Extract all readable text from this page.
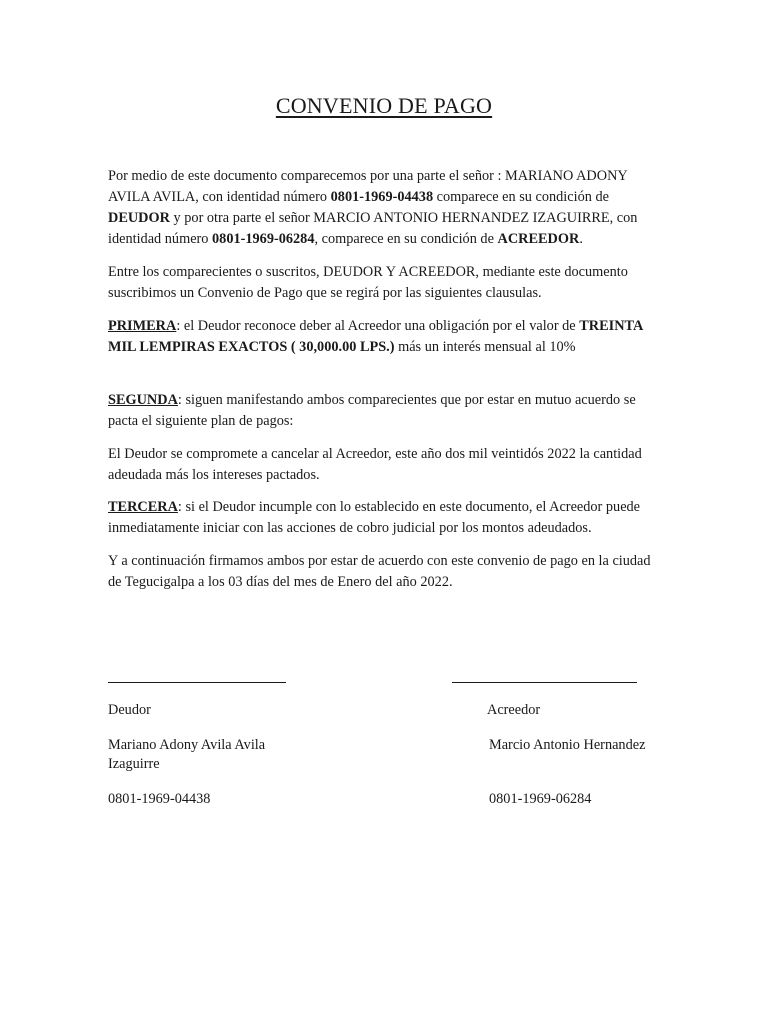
CONVENIO DE PAGO

Por medio de este documento comparecemos por una parte el señor : MARIANO ADONY AVILA AVILA, con identidad número 0801-1969-04438 comparece en su condición de DEUDOR y por otra parte el señor MARCIO ANTONIO HERNANDEZ IZAGUIRRE, con identidad número 0801-1969-06284, comparece en su condición de ACREEDOR.

Entre los comparecientes o suscritos, DEUDOR Y ACREEDOR, mediante este documento suscribimos un Convenio de Pago que se regirá por las siguientes clausulas.

PRIMERA: el Deudor reconoce deber al Acreedor una obligación por el valor de TREINTA MIL LEMPIRAS EXACTOS ( 30,000.00 LPS.) más un interés mensual al 10%

SEGUNDA: siguen manifestando ambos comparecientes que por estar en mutuo acuerdo se pacta el siguiente plan de pagos:

El Deudor se compromete a cancelar al Acreedor, este año dos mil veintidós 2022 la cantidad adeudada más los intereses pactados.

TERCERA: si el Deudor incumple con lo establecido en este documento, el Acreedor puede inmediatamente iniciar con las acciones de cobro judicial por los montos adeudados.

Y a continuación firmamos ambos por estar de acuerdo con este convenio de pago en la ciudad de Tegucigalpa a los 03 días del mes de Enero del año 2022.

Deudor
Mariano Adony Avila Avila
Izaguirre
0801-1969-04438
Acreedor
Marcio Antonio Hernandez
0801-1969-06284
